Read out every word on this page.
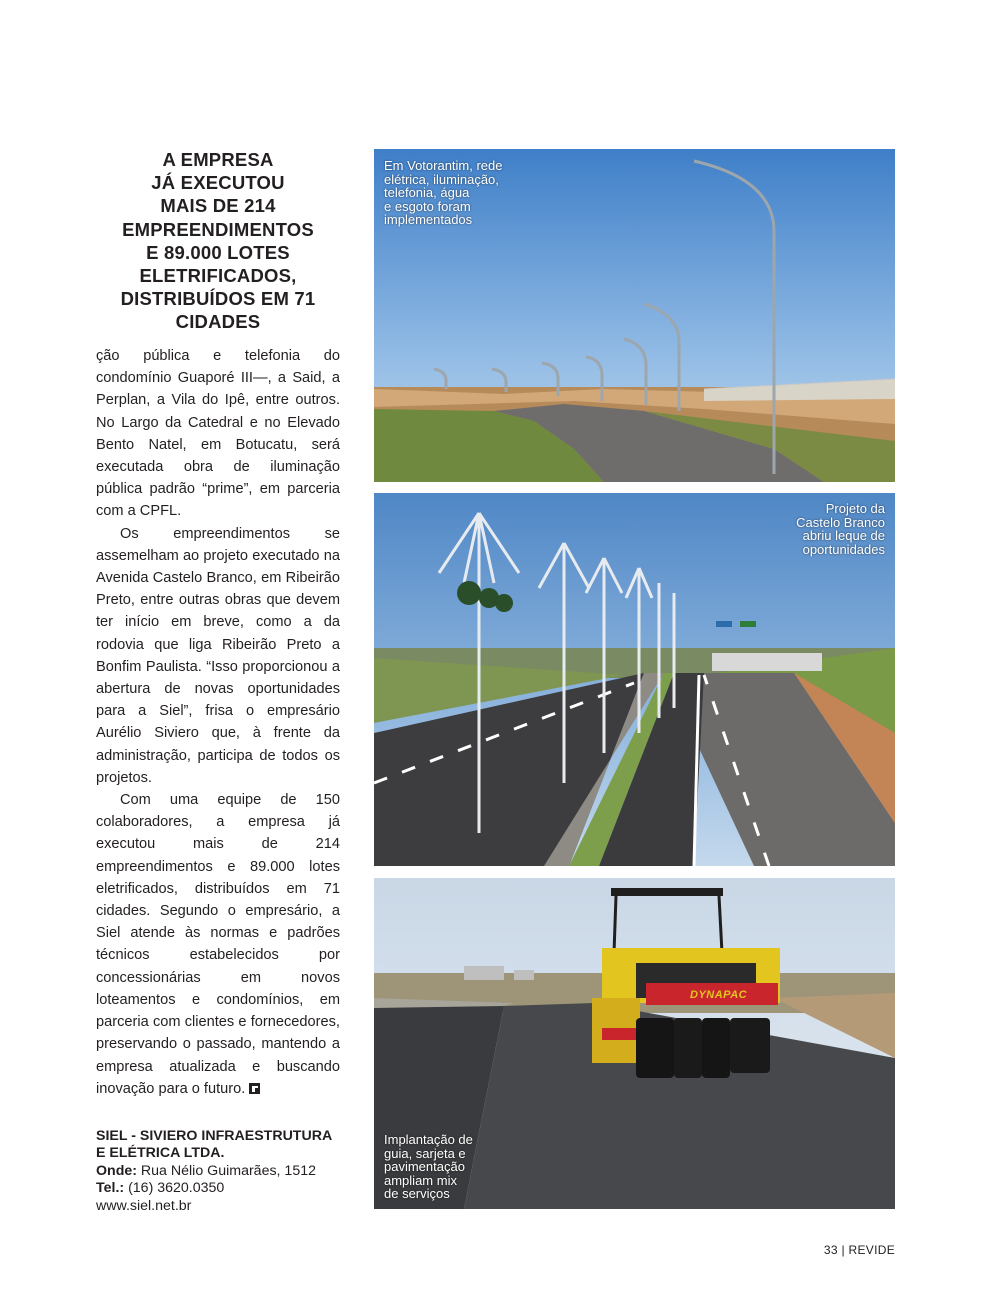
A EMPRESA
JÁ EXECUTOU
MAIS DE 214
EMPREENDIMENTOS
E 89.000 LOTES
ELETRIFICADOS,
DISTRIBUÍDOS EM 71
CIDADES

ção pública e telefonia do condomínio Guaporé III—, a Said, a Perplan, a Vila do Ipê, entre outros. No Largo da Catedral e no Elevado Bento Natel, em Botucatu, será executada obra de iluminação pública padrão “prime”, em parceria com a CPFL.

Os empreendimentos se assemelham ao projeto executado na Avenida Castelo Branco, em Ribeirão Preto, entre outras obras que devem ter início em breve, como a da rodovia que liga Ribeirão Preto a Bonfim Paulista. “Isso proporcionou a abertura de novas oportunidades para a Siel”, frisa o empresário Aurélio Siviero que, à frente da administração, participa de todos os projetos.

Com uma equipe de 150 colaboradores, a empresa já executou mais de 214 empreendimentos e 89.000 lotes eletrificados, distribuídos em 71 cidades. Segundo o empresário, a Siel atende às normas e padrões técnicos estabelecidos por concessionárias em novos loteamentos e condomínios, em parceria com clientes e fornecedores, preservando o passado, mantendo a empresa atualizada e buscando inovação para o futuro.

SIEL - SIVIERO INFRAESTRUTURA
E ELÉTRICA LTDA.
Onde: Rua Nélio Guimarães, 1512
Tel.: (16) 3620.0350
www.siel.net.br
Em Votorantim, rede
elétrica, iluminação,
telefonia, água
e esgoto foram
implementados
Projeto da
Castelo Branco
abriu leque de
oportunidades
DYNAPAC
Implantação de
guia, sarjeta e
pavimentação
ampliam mix
de serviços
33 | REVIDE
